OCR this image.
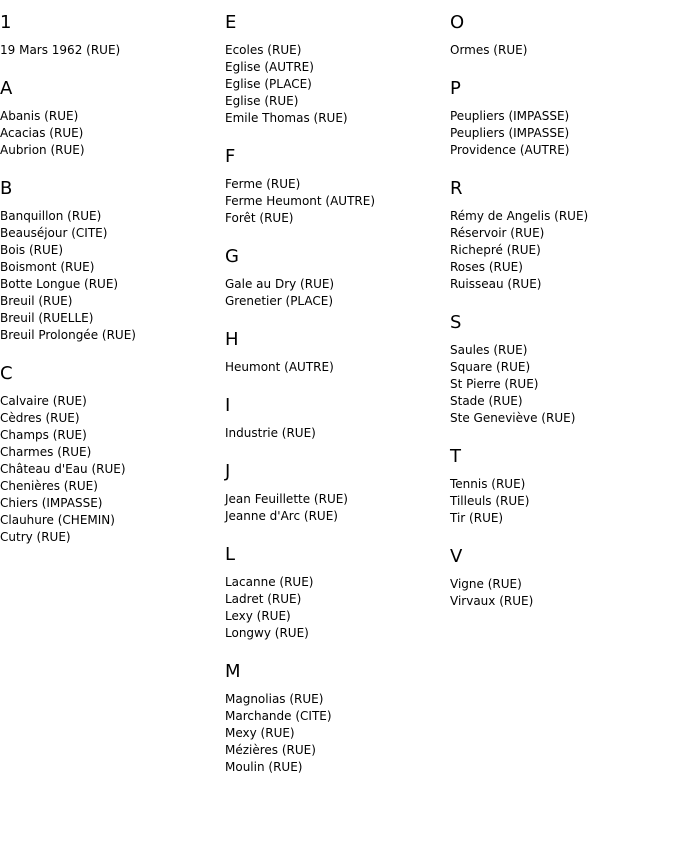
1
19 Mars 1962 (RUE)
A
Abanis (RUE)
Acacias (RUE)
Aubrion (RUE)
B
Banquillon (RUE)
Beauséjour (CITE)
Bois (RUE)
Boismont (RUE)
Botte Longue (RUE)
Breuil (RUE)
Breuil (RUELLE)
Breuil Prolongée (RUE)
C
Calvaire (RUE)
Cèdres (RUE)
Champs (RUE)
Charmes (RUE)
Château d'Eau (RUE)
Chenières (RUE)
Chiers (IMPASSE)
Clauhure (CHEMIN)
Cutry (RUE)
E
Ecoles (RUE)
Eglise (AUTRE)
Eglise (PLACE)
Eglise (RUE)
Emile Thomas (RUE)
F
Ferme (RUE)
Ferme Heumont (AUTRE)
Forêt (RUE)
G
Gale au Dry (RUE)
Grenetier (PLACE)
H
Heumont (AUTRE)
I
Industrie (RUE)
J
Jean Feuillette (RUE)
Jeanne d'Arc (RUE)
L
Lacanne (RUE)
Ladret (RUE)
Lexy (RUE)
Longwy (RUE)
M
Magnolias (RUE)
Marchande (CITE)
Mexy (RUE)
Mézières (RUE)
Moulin (RUE)
O
Ormes (RUE)
P
Peupliers (IMPASSE)
Peupliers (IMPASSE)
Providence (AUTRE)
R
Rémy de Angelis (RUE)
Réservoir (RUE)
Richepré (RUE)
Roses (RUE)
Ruisseau (RUE)
S
Saules (RUE)
Square (RUE)
St Pierre (RUE)
Stade (RUE)
Ste Geneviève (RUE)
T
Tennis (RUE)
Tilleuls (RUE)
Tir (RUE)
V
Vigne (RUE)
Virvaux (RUE)
